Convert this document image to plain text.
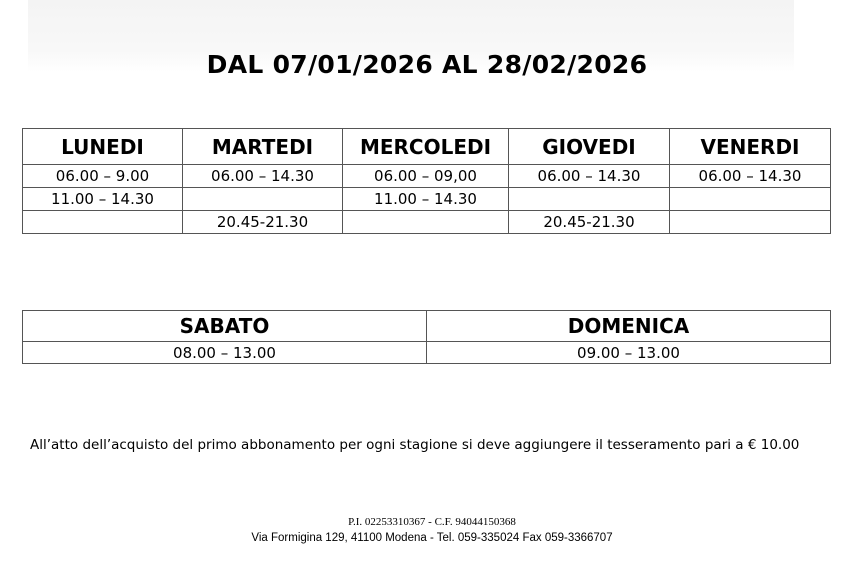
DAL 07/01/2026 AL 28/02/2026
LUNEDI	MARTEDI	MERCOLEDI	GIOVEDI	VENERDI
06.00 – 9.00	06.00 – 14.30	06.00 – 09,00	06.00 – 14.30	06.00 – 14.30
11.00 – 14.30		11.00 – 14.30		
	20.45-21.30		20.45-21.30	
SABATO	DOMENICA
08.00 – 13.00	09.00 – 13.00
All’atto dell’acquisto del primo abbonamento per ogni stagione si deve aggiungere il tesseramento pari a € 10.00
P.I. 02253310367 - C.F. 94044150368
Via Formigina 129, 41100 Modena - Tel. 059-335024 Fax 059-3366707
